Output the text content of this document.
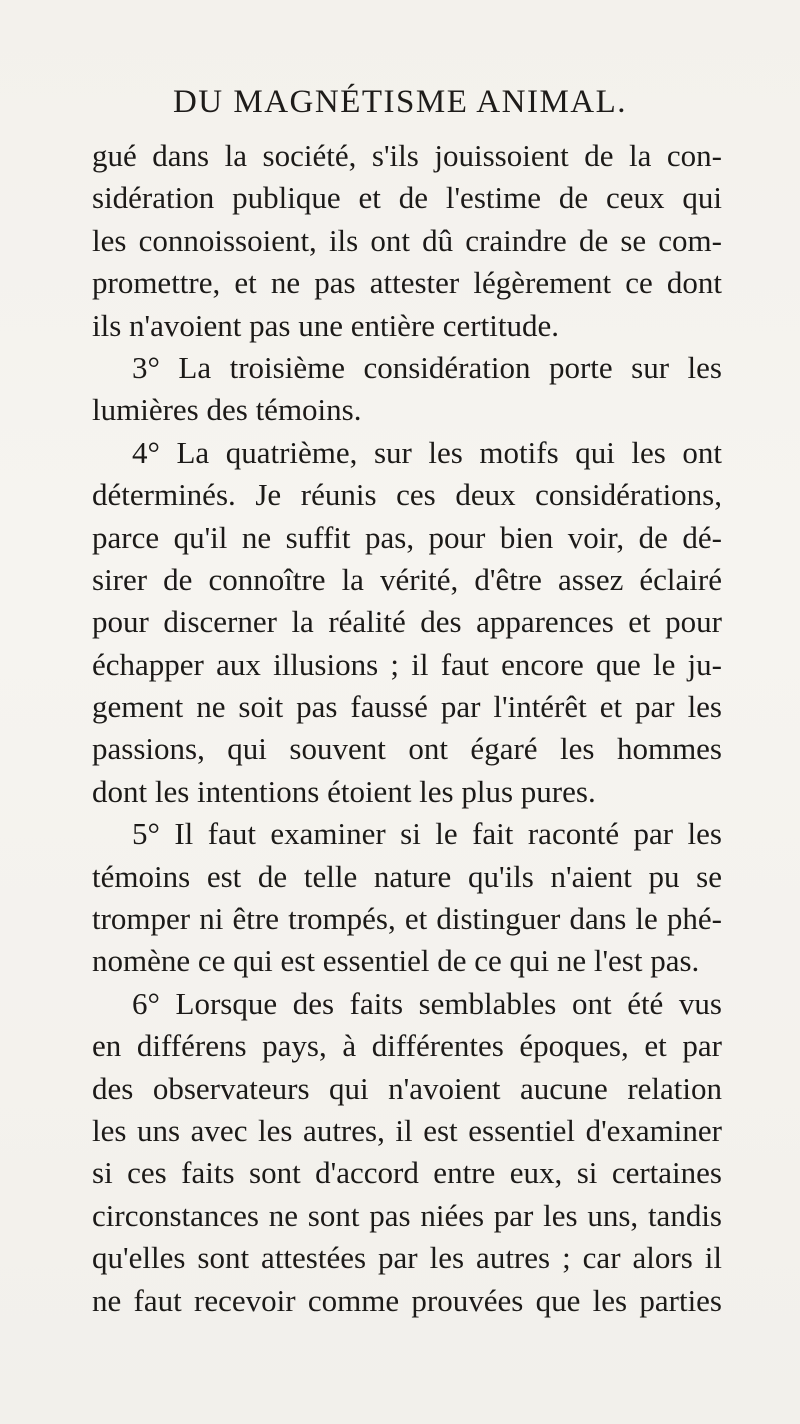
DU MAGNÉTISME ANIMAL.
gué dans la société, s'ils jouissoient de la con-
sidération publique et de l'estime de ceux qui
les connoissoient, ils ont dû craindre de se com-
promettre, et ne pas attester légèrement ce dont
ils n'avoient pas une entière certitude.
3° La troisième considération porte sur les
lumières des témoins.
4° La quatrième, sur les motifs qui les ont
déterminés. Je réunis ces deux considérations,
parce qu'il ne suffit pas, pour bien voir, de dé-
sirer de connoître la vérité, d'être assez éclairé
pour discerner la réalité des apparences et pour
échapper aux illusions ; il faut encore que le ju-
gement ne soit pas faussé par l'intérêt et par les
passions, qui souvent ont égaré les hommes
dont les intentions étoient les plus pures.
5° Il faut examiner si le fait raconté par les
témoins est de telle nature qu'ils n'aient pu se
tromper ni être trompés, et distinguer dans le phé-
nomène ce qui est essentiel de ce qui ne l'est pas.
6° Lorsque des faits semblables ont été vus
en différens pays, à différentes époques, et par
des observateurs qui n'avoient aucune relation
les uns avec les autres, il est essentiel d'examiner
si ces faits sont d'accord entre eux, si certaines
circonstances ne sont pas niées par les uns, tandis
qu'elles sont attestées par les autres ; car alors il
ne faut recevoir comme prouvées que les parties
